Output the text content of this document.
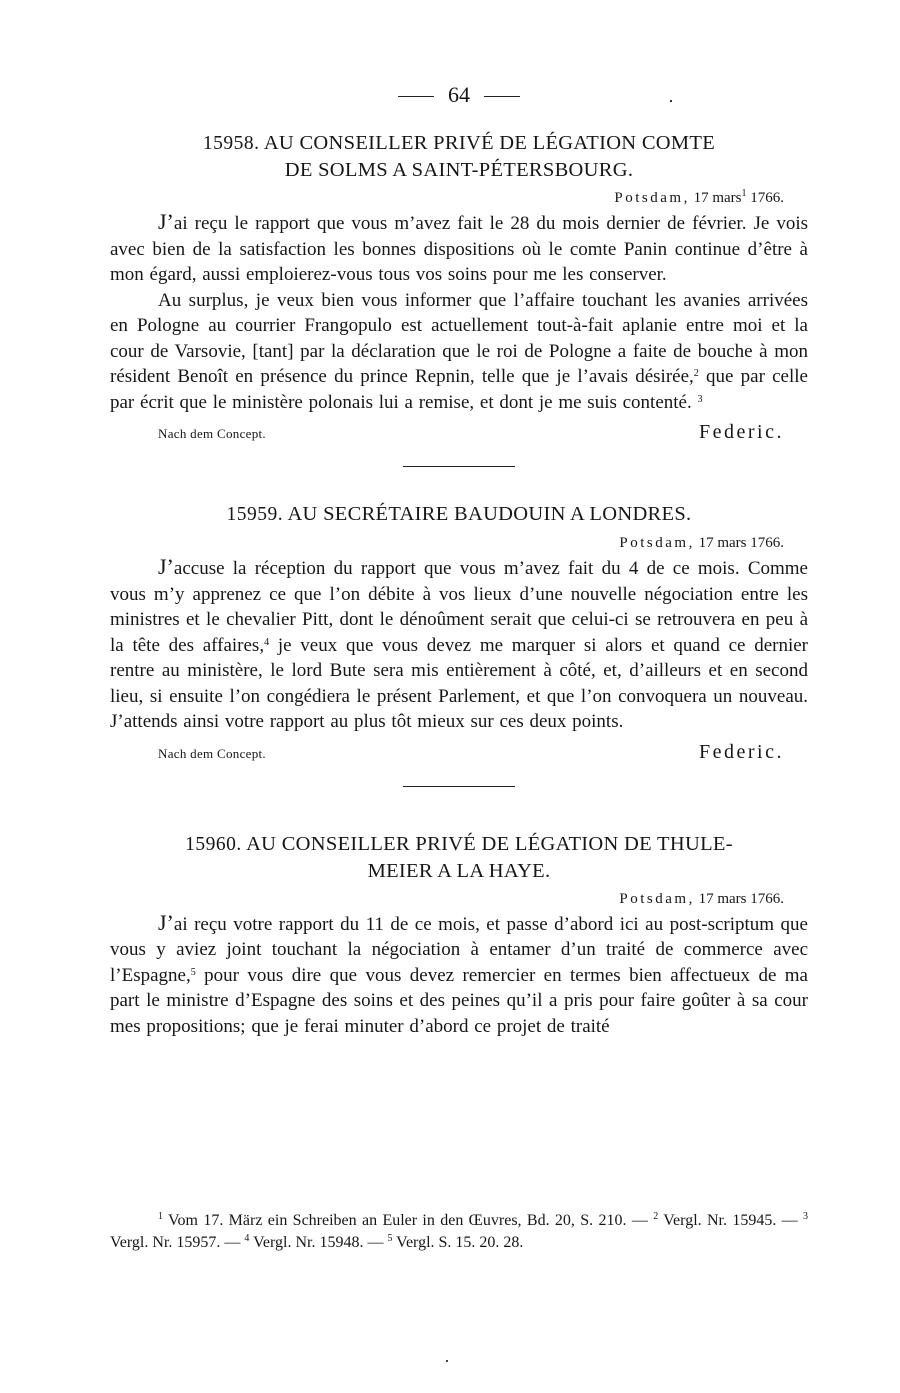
64
15958. AU CONSEILLER PRIVÉ DE LÉGATION COMTE
DE SOLMS A SAINT-PÉTERSBOURG.
Potsdam, 17 mars$^1$ 1766.

J’ai reçu le rapport que vous m’avez fait le 28 du mois dernier de février. Je vois avec bien de la satisfaction les bonnes dispositions où le comte Panin continue d’être à mon égard, aussi emploierez-vous tous vos soins pour me les conserver.

Au surplus, je veux bien vous informer que l’affaire touchant les avanies arrivées en Pologne au courrier Frangopulo est actuellement tout-à-fait aplanie entre moi et la cour de Varsovie, [tant] par la déclaration que le roi de Pologne a faite de bouche à mon résident Benoît en présence du prince Repnin, telle que je l’avais désirée,$^2$ que par celle par écrit que le ministère polonais lui a remise, et dont je me suis contenté. $^3$

Nach dem Concept.	Federic.
15959. AU SECRÉTAIRE BAUDOUIN A LONDRES.
Potsdam, 17 mars 1766.

J’accuse la réception du rapport que vous m’avez fait du 4 de ce mois. Comme vous m’y apprenez ce que l’on débite à vos lieux d’une nouvelle négociation entre les ministres et le chevalier Pitt, dont le dénoûment serait que celui-ci se retrouvera en peu à la tête des affaires,$^4$ je veux que vous devez me marquer si alors et quand ce dernier rentre au ministère, le lord Bute sera mis entièrement à côté, et, d’ailleurs et en second lieu, si ensuite l’on congédiera le présent Parlement, et que l’on convoquera un nouveau. J’attends ainsi votre rapport au plus tôt mieux sur ces deux points.

Nach dem Concept.	Federic.
15960. AU CONSEILLER PRIVÉ DE LÉGATION DE THULE-
MEIER A LA HAYE.
Potsdam, 17 mars 1766.

J’ai reçu votre rapport du 11 de ce mois, et passe d’abord ici au post-scriptum que vous y aviez joint touchant la négociation à entamer d’un traité de commerce avec l’Espagne,$^5$ pour vous dire que vous devez remercier en termes bien affectueux de ma part le ministre d’Espagne des soins et des peines qu’il a pris pour faire goûter à sa cour mes propositions; que je ferai minuter d’abord ce projet de traité

$^1$ Vom 17. März ein Schreiben an Euler in den Œuvres, Bd. 20, S. 210. — $^2$ Vergl. Nr. 15945. — $^3$ Vergl. Nr. 15957. — $^4$ Vergl. Nr. 15948. — $^5$ Vergl. S. 15. 20. 28.
